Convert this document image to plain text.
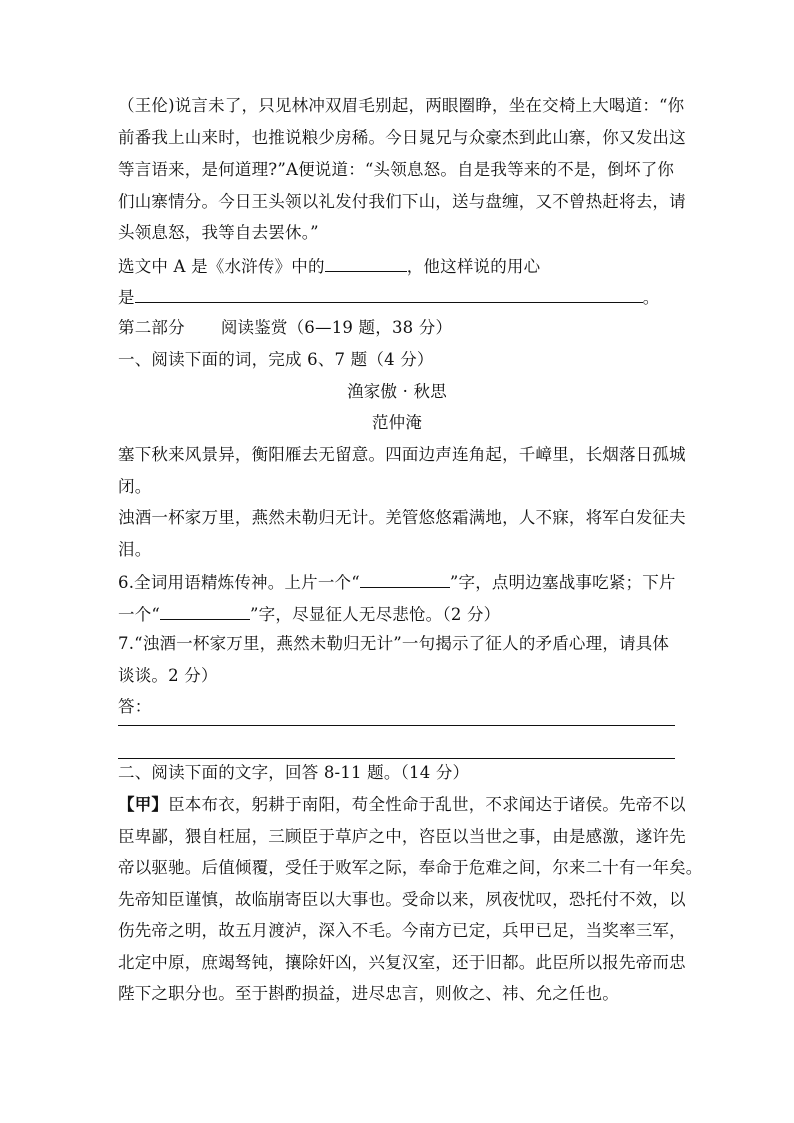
（王伦)说言未了，只见林冲双眉毛别起，两眼圈睁，坐在交椅上大喝道：“你
前番我上山来时，也推说粮少房稀。今日晁兄与众豪杰到此山寨，你又发出这
等言语来，是何道理?”A便说道：“头领息怒。自是我等来的不是，倒坏了你
们山寨情分。今日王头领以礼发付我们下山，送与盘缠，又不曾热赶将去，请
头领息怒，我等自去罢休。”
选文中 A 是《水浒传》中的	，他这样说的用心
是	。
第二部分 阅读鉴赏（6—19 题，38 分）
一、阅读下面的词，完成 6、7 题（4 分）
渔家傲 · 秋思
范仲淹
塞下秋来风景异，衡阳雁去无留意。四面边声连角起，千嶂里，长烟落日孤城
闭。
浊酒一杯家万里，燕然未勒归无计。羌管悠悠霜满地，人不寐，将军白发征夫
泪。
6.全词用语精炼传神。上片一个“	”字，点明边塞战事吃紧；下片
一个“	”字，尽显征人无尽悲怆。（2 分）
7.“浊酒一杯家万里，燕然未勒归无计”一句揭示了征人的矛盾心理，请具体
谈谈。2 分）
答：
二、阅读下面的文字，回答 8-11 题。（14 分）
【甲】臣本布衣，躬耕于南阳，苟全性命于乱世，不求闻达于诸侯。先帝不以
臣卑鄙，猥自枉屈，三顾臣于草庐之中，咨臣以当世之事，由是感激，遂许先
帝以驱驰。后值倾覆，受任于败军之际，奉命于危难之间，尔来二十有一年矣。
先帝知臣谨慎，故临崩寄臣以大事也。受命以来，夙夜忧叹，恐托付不效，以
伤先帝之明，故五月渡泸，深入不毛。今南方已定，兵甲已足，当奖率三军，
北定中原，庶竭驽钝，攘除奸凶，兴复汉室，还于旧都。此臣所以报先帝而忠
陛下之职分也。至于斟酌损益，进尽忠言，则攸之、祎、允之任也。
